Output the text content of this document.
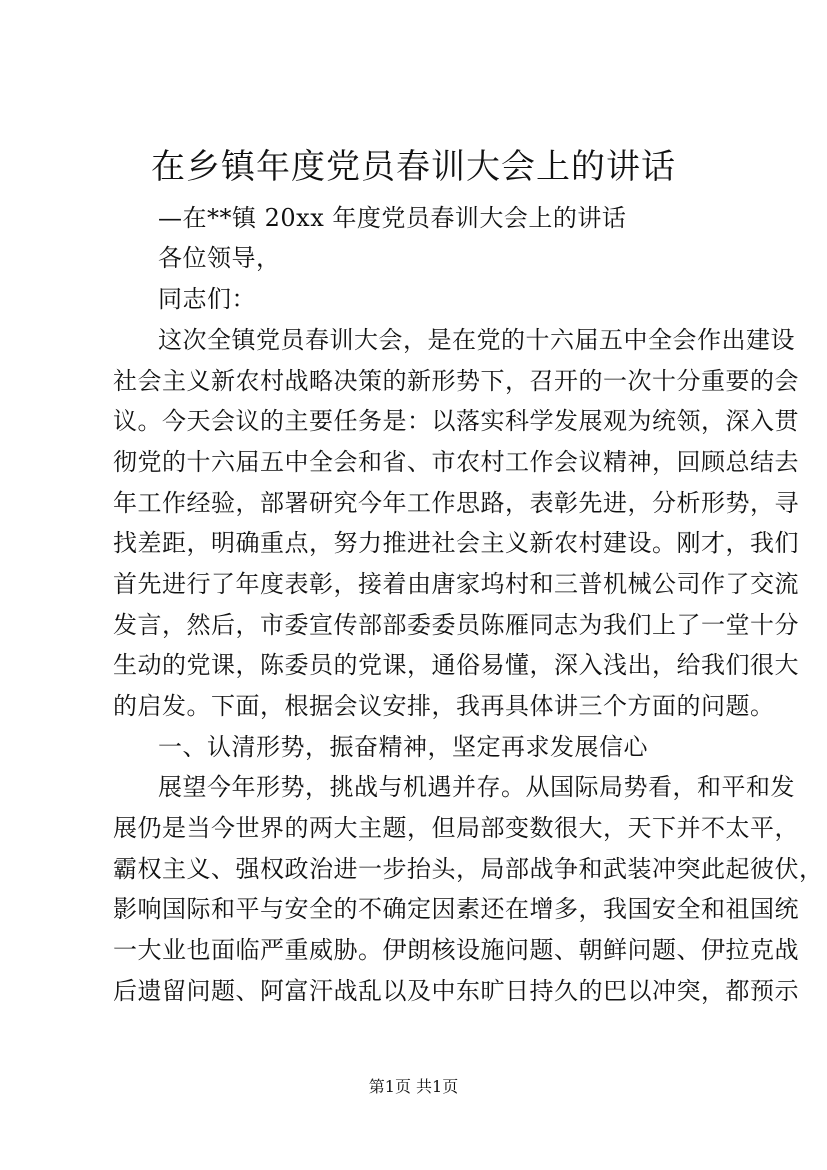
在乡镇年度党员春训大会上的讲话
—在**镇 20xx 年度党员春训大会上的讲话
各位领导，
同志们：
这次全镇党员春训大会，是在党的十六届五中全会作出建设
社会主义新农村战略决策的新形势下，召开的一次十分重要的会
议。今天会议的主要任务是：以落实科学发展观为统领，深入贯
彻党的十六届五中全会和省、市农村工作会议精神，回顾总结去
年工作经验，部署研究今年工作思路，表彰先进，分析形势，寻
找差距，明确重点，努力推进社会主义新农村建设。刚才，我们
首先进行了年度表彰，接着由唐家坞村和三普机械公司作了交流
发言，然后，市委宣传部部委委员陈雁同志为我们上了一堂十分
生动的党课，陈委员的党课，通俗易懂，深入浅出，给我们很大
的启发。下面，根据会议安排，我再具体讲三个方面的问题。
一、认清形势，振奋精神，坚定再求发展信心
展望今年形势，挑战与机遇并存。从国际局势看，和平和发
展仍是当今世界的两大主题，但局部变数很大，天下并不太平，
霸权主义、强权政治进一步抬头，局部战争和武装冲突此起彼伏，
影响国际和平与安全的不确定因素还在增多，我国安全和祖国统
一大业也面临严重威胁。伊朗核设施问题、朝鲜问题、伊拉克战
后遗留问题、阿富汗战乱以及中东旷日持久的巴以冲突，都预示
第1页 共1页
